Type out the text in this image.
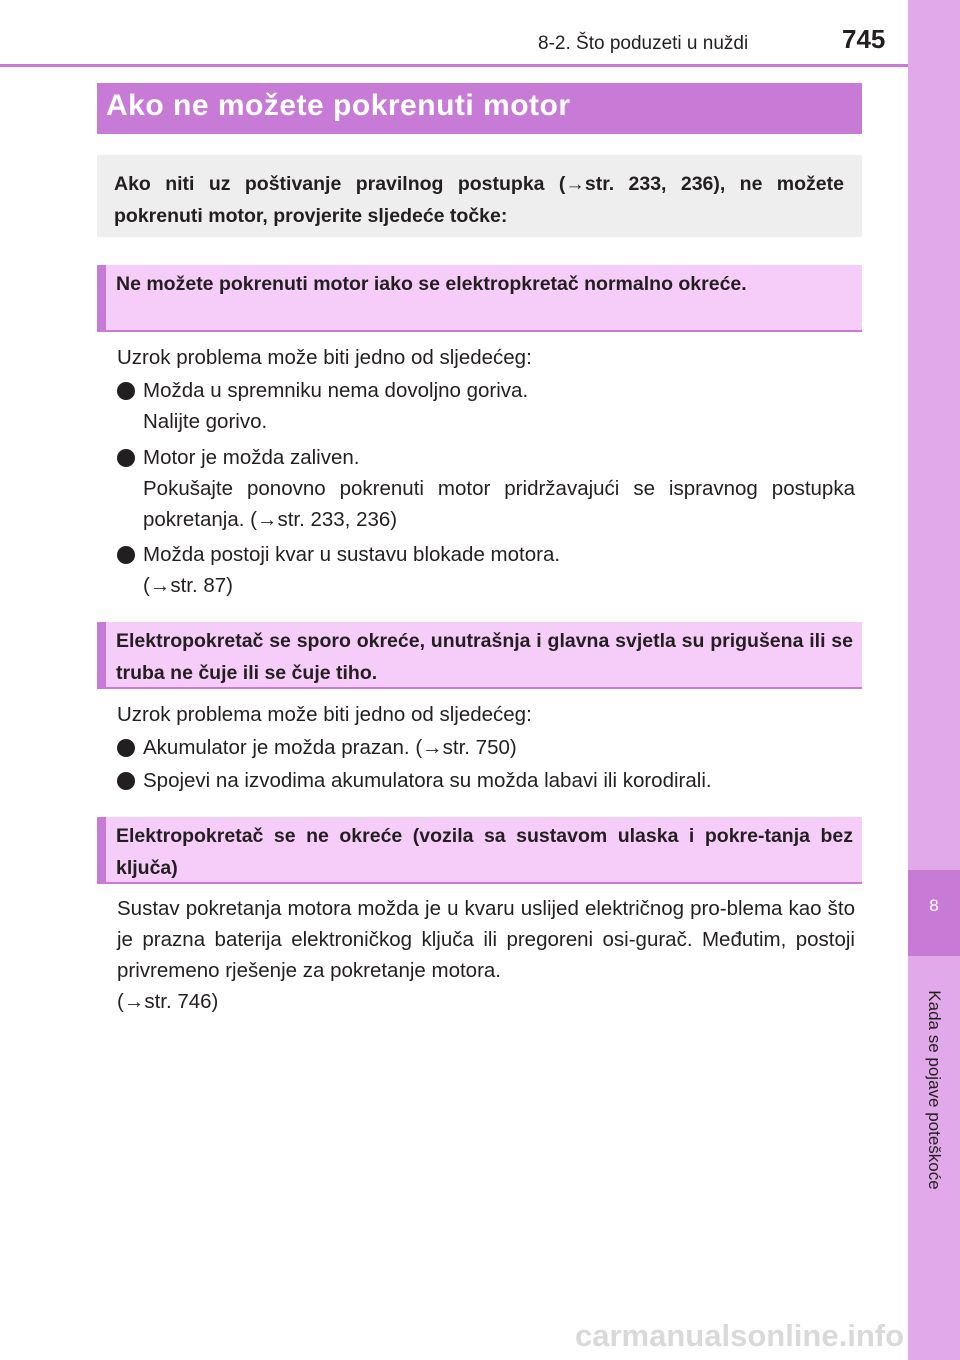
8
Kada se pojave poteškoće
8-2. Što poduzeti u nuždi	745
Ako ne možete pokrenuti motor

Ako niti uz poštivanje pravilnog postupka (→str. 233, 236), ne možete pokrenuti motor, provjerite sljedeće točke:

Ne možete pokrenuti motor iako se elektropkretač normalno okreće.

Uzrok problema može biti jedno od sljedećeg:
Možda u spremniku nema dovoljno goriva.
Nalijte gorivo.
Motor je možda zaliven.
Pokušajte ponovno pokrenuti motor pridržavajući se ispravnog postupka pokretanja. (→str. 233, 236)
Možda postoji kvar u sustavu blokade motora.
(→str. 87)

Elektropokretač se sporo okreće, unutrašnja i glavna svjetla su prigušena ili se truba ne čuje ili se čuje tiho.

Uzrok problema može biti jedno od sljedećeg:
Akumulator je možda prazan. (→str. 750)
Spojevi na izvodima akumulatora su možda labavi ili korodirali.

Elektropokretač se ne okreće (vozila sa sustavom ulaska i pokre-tanja bez ključa)

Sustav pokretanja motora možda je u kvaru uslijed električnog pro-blema kao što je prazna baterija elektroničkog ključa ili pregoreni osi-gurač. Međutim, postoji privremeno rješenje za pokretanje motora.
(→str. 746)
carmanualsonline.info
